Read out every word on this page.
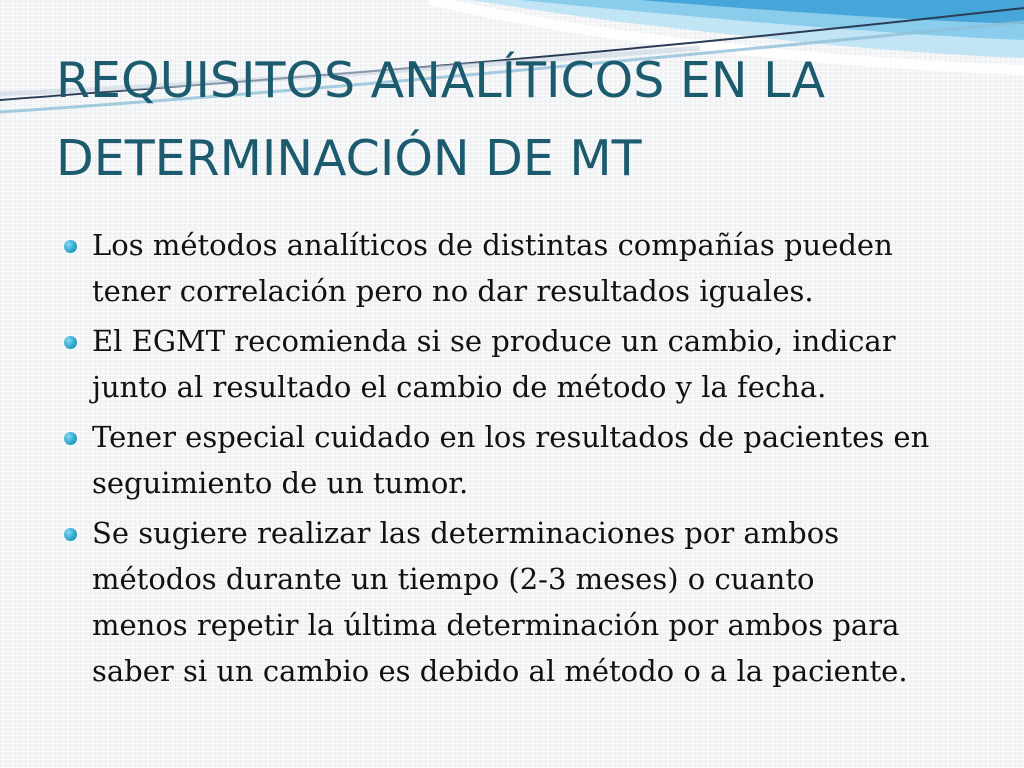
REQUISITOS ANALÍTICOS EN LA
DETERMINACIÓN DE MT
Los métodos analíticos de distintas compañías pueden
tener correlación pero no dar resultados iguales.
El EGMT recomienda si se produce un cambio, indicar
junto al resultado el cambio de método y la fecha.
Tener especial cuidado en los resultados de pacientes en
seguimiento de un tumor.
Se sugiere realizar las determinaciones por ambos
métodos durante un tiempo (2-3 meses) o cuanto
menos repetir la última determinación por ambos para
saber si un cambio es debido al método o a la paciente.
